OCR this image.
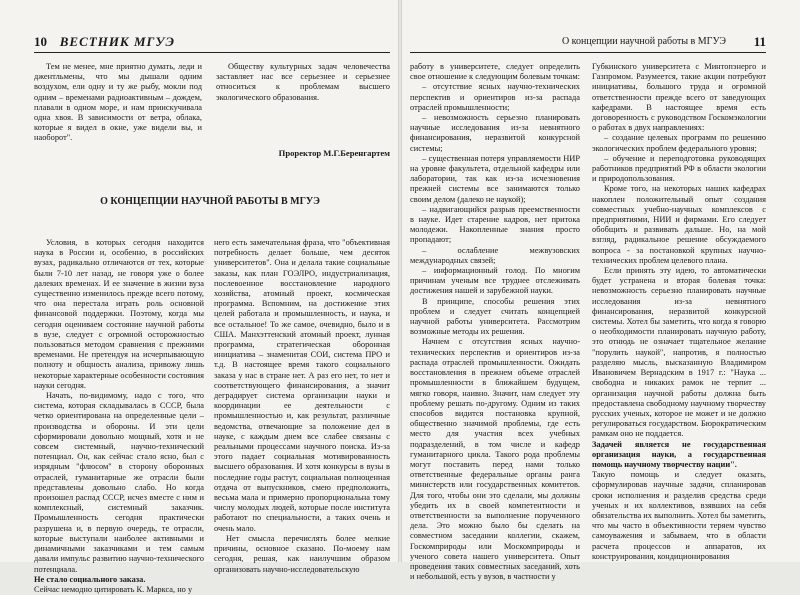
10 ВЕСТНИК МГУЭ

Тем не менее, мне приятно думать, леди и джентльмены, что мы дышали одним воздухом, ели одну и ту же рыбу, мокли под одним – временами радиоактивным – дождем, плавали в одном море, и нам приискучивала одна хвоя. В зависимости от ветра, облака, которые я видел в окне, уже видели вы, и наоборот".

Обществу культурных задач человечества заставляет нас все серьезнее и серьезнее относиться к проблемам высшего экологического образования.

Проректор М.Г.Беренгартем
О КОНЦЕПЦИИ НАУЧНОЙ РАБОТЫ В МГУЭ

Условия, в которых сегодня находится наука в России и, особенно, в российских вузах, радикально отличаются от тех, которые были 7-10 лет назад, не говоря уже о более далеких временах. И ее значение в жизни вуза существенно изменилось прежде всего потому, что она перестала играть роль основной финансовой поддержки. Поэтому, когда мы сегодня оцениваем состояние научной работы в вузе, следует с огромной осторожностью пользоваться методом сравнения с прежними временами. Не претендуя на исчерпывающую полноту и общность анализа, привожу лишь некоторые характерные особенности состояния науки сегодня.

Начать, по-видимому, надо с того, что система, которая складывалась в СССР, была четко ориентирована на определенные цели – производства и обороны. И эти цели сформировали довольно мощный, хотя и не совсем системный, научно-технический потенциал. Он, как сейчас стало ясно, был с изрядным "флюсом" в сторону оборонных отраслей, гуманитарные же отрасли были представлены довольно слабо. Но когда произошел распад СССР, исчез вместе с ним и комплексный, системный заказчик. Промышленность сегодня практически разрушена и, в первую очередь, те отрасли, которые выступали наиболее активными и динамичными заказчиками и тем самым давали импульс развитию научно-технического потенциала.

Не стало социального заказа.

Сейчас немодно цитировать К. Маркса, но у

него есть замечательная фраза, что "объективная потребность делает больше, чем десяток университетов". Она и делала такие социальные заказы, как план ГОЭЛРО, индустриализация, послевоенное восстановление народного хозяйства, атомный проект, космическая программа. Вспомним, на достижение этих целей работала и промышленность, и наука, и все остальное! То же самое, очевидно, было и в США. Манхэттенский атомный проект, лунная программа, стратегическая оборонная инициатива – знаменитая СОИ, система ПРО и т.д. В настоящее время такого социального заказа у нас в стране нет. А раз его нет, то нет и соответствующего финансирования, а значит деградирует система организации науки и координации ее деятельности с промышленностью и, как результат, различные ведомства, отвечающие за положение дел в науке, с каждым днем все слабее связаны с реальными процессами научного поиска. Из-за этого падает социальная мотивированность высшего образования. И хотя конкурсы в вузы в последние годы растут, социальная полноценная отдача от выпускников, смею предположить, весьма мала и примерно пропорциональна тому числу молодых людей, которые после института работают по специальности, а таких очень и очень мало.

Нет смысла перечислять более мелкие причины, основное сказано. По-моему нам сегодня, решая, как наилучшим образом организовать научно-исследовательскую

О концепции научной работы в МГУЭ 11

работу в университете, следует определить свое отношение к следующим болевым точкам:

– отсутствие ясных научно-технических перспектив и ориентиров из-за распада отраслей промышленности;

– невозможность серьезно планировать научные исследования из-за невнятного финансирования, неразвитой конкурсной системы;

– существенная потеря управляемости НИР на уровне факультета, отдельной кафедры или лаборатории, так как из-за исчезновения прежней системы все занимаются только своим делом (далеко не наукой);

– надвигающийся разрыв преемственности в науке. Идет старение кадров, нет притока молодежи. Накопленные знания просто пропадают;

– ослабление межвузовских международных связей;

– информационный голод. По многим причинам ученым все труднее отслеживать достижения нашей и зарубежной науки.

В принципе, способы решения этих проблем и следует считать концепцией научной работы университета. Рассмотрим возможные методы их решения.

Начнем с отсутствия ясных научно-технических перспектив и ориентиров из-за распада отраслей промышленности. Ожидать восстановления в прежнем объеме отраслей промышленности в ближайшем будущем, мягко говоря, наивно. Значит, нам следует эту проблему решать по-другому. Одним из таких способов видится постановка крупной, общественно значимой проблемы, где есть место для участия всех учебных подразделений, в том числе и кафедр гуманитарного цикла. Такого рода проблемы могут поставить перед нами только ответственные федеральные органы ранга министерств или государственных комитетов. Для того, чтобы они это сделали, мы должны убедить их в своей компетентности и ответственности за выполнение порученного дела. Это можно было бы сделать на совместном заседании коллегии, скажем, Госкомприроды или Москомприроды и ученого совета нашего университета. Опыт проведения таких совместных заседаний, хоть и небольшой, есть у вузов, в частности у

Губкинского университета с Минтопэнерго и Газпромом. Разумеется, такие акции потребуют инициативы, большого труда и огромной ответственности прежде всего от заведующих кафедрами. В настоящее время есть договоренность с руководством Госкомэкологии о работах в двух направлениях:

– создание целевых программ по решению экологических проблем федерального уровня;

– обучение и переподготовка руководящих работников предприятий РФ в области экологии и природопользования.

Кроме того, на некоторых наших кафедрах накоплен положительный опыт создания совместных учебно-научных комплексов с предприятиями, НИИ и фирмами. Его следует обобщить и развивать дальше. Но, на мой взгляд, радикальное решение обсуждаемого вопроса - за постановкой крупных научно-технических проблем целевого плана.

Если принять эту идею, то автоматически будет устранена и вторая болевая точка: невозможность серьезно планировать научные исследования из-за невнятного финансирования, неразвитой конкурсной системы. Хотел бы заметить, что когда я говорю о необходимости планировать научную работу, это отнюдь не означает тщательное желание "порулить наукой", напротив, я полностью разделяю мысль, высказанную Владимиром Ивановичем Вернадским в 1917 г.: "Наука ... свободна и никаких рамок не терпит ... организация научной работы должна быть предоставлена свободному научному творчеству русских ученых, которое не может и не должно регулироваться государством. Бюрократическим рамкам оно не поддается.

Задачей является не государственная организация науки, а государственная помощь научному творчеству нации".

Такую помощь и следует оказать, сформулировав научные задачи, спланировав сроки исполнения и разделив средства среди ученых и их коллективов, взявших на себя обязательства их выполнить. Хотел бы заметить, что мы часто в объективности теряем чувство самоуважения и забываем, что в области расчета процессов и аппаратов, их конструирования, кондиционирования
